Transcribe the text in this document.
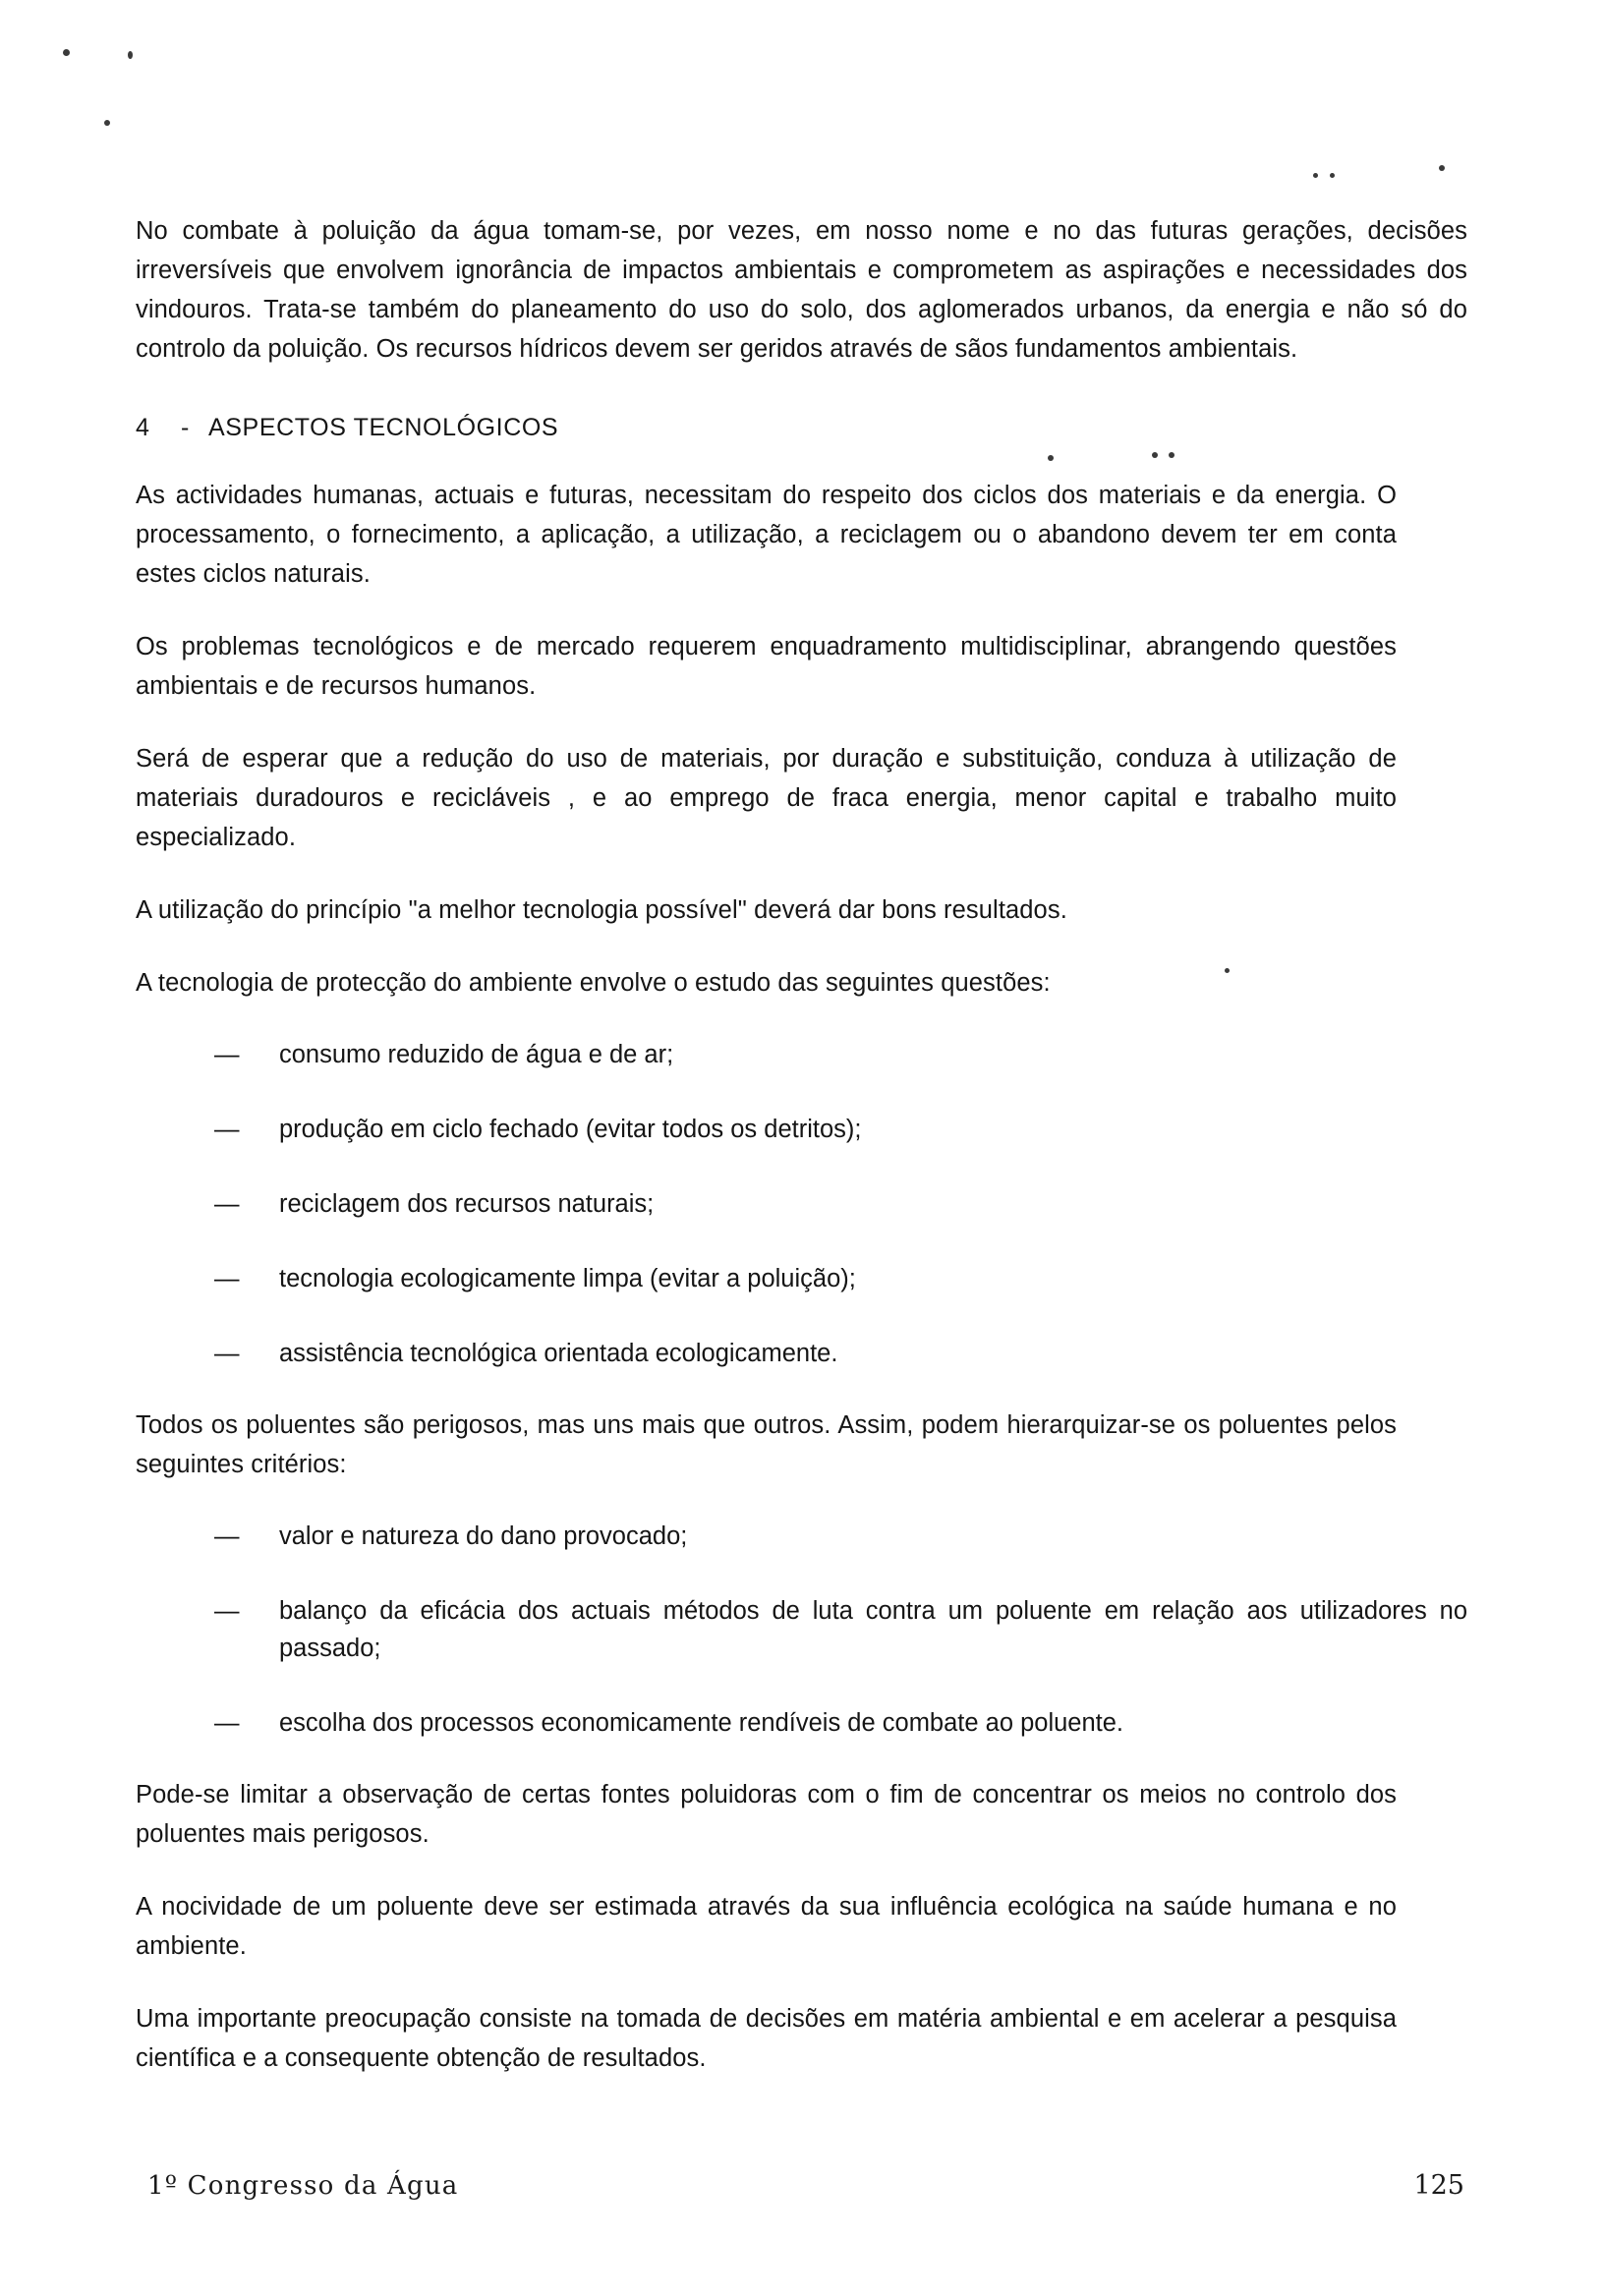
No combate à poluição da água tomam-se, por vezes, em nosso nome e no das futuras gerações, decisões irreversíveis que envolvem ignorância de impactos ambientais e comprometem as aspirações e necessidades dos vindouros. Trata-se também do planeamento do uso do solo, dos aglomerados urbanos, da energia e não só do controlo da poluição. Os recursos hídricos devem ser geridos através de sãos fundamentos ambientais.

4	- ASPECTOS TECNOLÓGICOS

As actividades humanas, actuais e futuras, necessitam do respeito dos ciclos dos materiais e da energia. O processamento, o fornecimento, a aplicação, a utilização, a reciclagem ou o abandono devem ter em conta estes ciclos naturais.

Os problemas tecnológicos e de mercado requerem enquadramento multidisciplinar, abrangendo questões ambientais e de recursos humanos.

Será de esperar que a redução do uso de materiais, por duração e substituição, conduza à utilização de materiais duradouros e recicláveis , e ao emprego de fraca energia, menor capital e trabalho muito especializado.

A utilização do princípio "a melhor tecnologia possível" deverá dar bons resultados.

A tecnologia de protecção do ambiente envolve o estudo das seguintes questões:

—	consumo reduzido de água e de ar;
—	produção em ciclo fechado (evitar todos os detritos);
—	reciclagem dos recursos naturais;
—	tecnologia ecologicamente limpa (evitar a poluição);
—	assistência tecnológica orientada ecologicamente.

Todos os poluentes são perigosos, mas uns mais que outros. Assim, podem hierarquizar-se os poluentes pelos seguintes critérios:

—	valor e natureza do dano provocado;
—	balanço da eficácia dos actuais métodos de luta contra um poluente em relação aos utilizadores no passado;
—	escolha dos processos economicamente rendíveis de combate ao poluente.

Pode-se limitar a observação de certas fontes poluidoras com o fim de concentrar os meios no controlo dos poluentes mais perigosos.

A nocividade de um poluente deve ser estimada através da sua influência ecológica na saúde humana e no ambiente.

Uma importante preocupação consiste na tomada de decisões em matéria ambiental e em acelerar a pesquisa científica e a consequente obtenção de resultados.

1º Congresso da Água	125
